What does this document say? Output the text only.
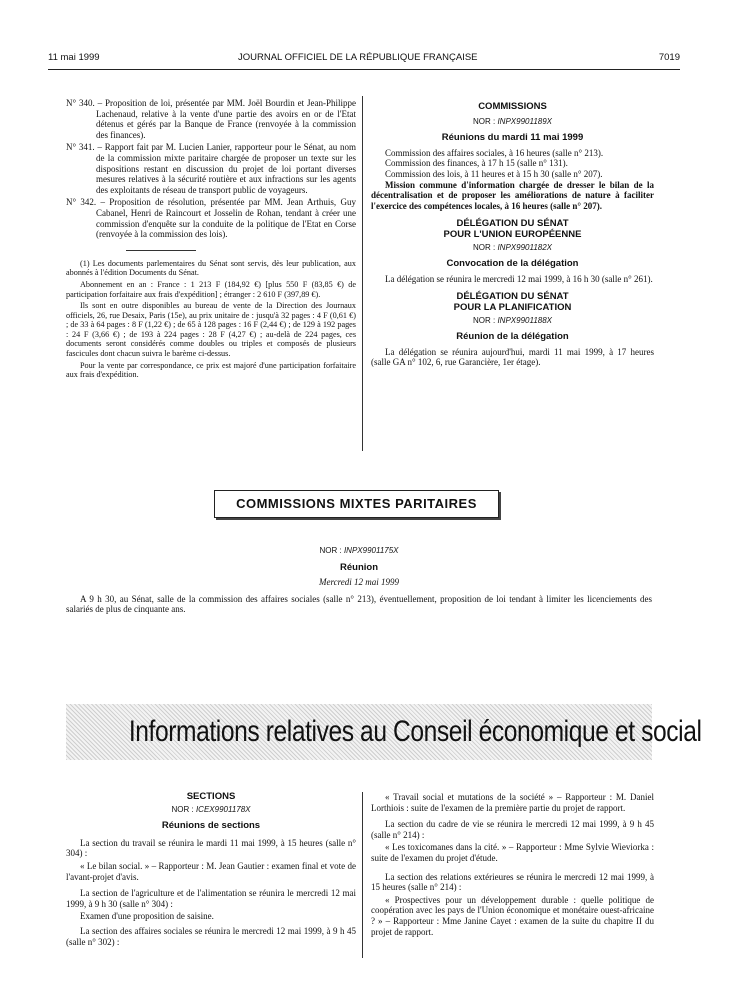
11 mai 1999	JOURNAL OFFICIEL DE LA RÉPUBLIQUE FRANÇAISE	7019

N° 340. – Proposition de loi, présentée par MM. Joël Bourdin et Jean-Philippe Lachenaud, relative à la vente d'une partie des avoirs en or de l'Etat détenus et gérés par la Banque de France (renvoyée à la commission des finances).

N° 341. – Rapport fait par M. Lucien Lanier, rapporteur pour le Sénat, au nom de la commission mixte paritaire chargée de proposer un texte sur les dispositions restant en discussion du projet de loi portant diverses mesures relatives à la sécurité routière et aux infractions sur les agents des exploitants de réseau de transport public de voyageurs.

N° 342. – Proposition de résolution, présentée par MM. Jean Arthuis, Guy Cabanel, Henri de Raincourt et Josselin de Rohan, tendant à créer une commission d'enquête sur la conduite de la politique de l'Etat en Corse (renvoyée à la commission des lois).

(1) Les documents parlementaires du Sénat sont servis, dès leur publication, aux abonnés à l'édition Documents du Sénat.

Abonnement en an : France : 1 213 F (184,92 €) [plus 550 F (83,85 €) de participation forfaitaire aux frais d'expédition] ; étranger : 2 610 F (397,89 €).

Ils sont en outre disponibles au bureau de vente de la Direction des Journaux officiels, 26, rue Desaix, Paris (15e), au prix unitaire de : jusqu'à 32 pages : 4 F (0,61 €) ; de 33 à 64 pages : 8 F (1,22 €) ; de 65 à 128 pages : 16 F (2,44 €) ; de 129 à 192 pages : 24 F (3,66 €) ; de 193 à 224 pages : 28 F (4,27 €) ; au-delà de 224 pages, ces documents seront considérés comme doubles ou triples et composés de plusieurs fascicules dont chacun suivra le barème ci-dessus.

Pour la vente par correspondance, ce prix est majoré d'une participation forfaitaire aux frais d'expédition.

COMMISSIONS
NOR : INPX9901189X
Réunions du mardi 11 mai 1999

Commission des affaires sociales, à 16 heures (salle n° 213).

Commission des finances, à 17 h 15 (salle n° 131).

Commission des lois, à 11 heures et à 15 h 30 (salle n° 207).

Mission commune d'information chargée de dresser le bilan de la décentralisation et de proposer les améliorations de nature à faciliter l'exercice des compétences locales, à 16 heures (salle n° 207).

DÉLÉGATION DU SÉNAT
POUR L'UNION EUROPÉENNE
NOR : INPX9901182X
Convocation de la délégation

La délégation se réunira le mercredi 12 mai 1999, à 16 h 30 (salle n° 261).

DÉLÉGATION DU SÉNAT
POUR LA PLANIFICATION
NOR : INPX9901188X
Réunion de la délégation

La délégation se réunira aujourd'hui, mardi 11 mai 1999, à 17 heures (salle GA n° 102, 6, rue Garancière, 1er étage).

COMMISSIONS MIXTES PARITAIRES
NOR : INPX9901175X
Réunion
Mercredi 12 mai 1999

A 9 h 30, au Sénat, salle de la commission des affaires sociales (salle n° 213), éventuellement, proposition de loi tendant à limiter les licenciements des salariés de plus de cinquante ans.

Informations relatives au Conseil économique et social
SECTIONS
NOR : ICEX9901178X
Réunions de sections

La section du travail se réunira le mardi 11 mai 1999, à 15 heures (salle n° 304) :

« Le bilan social. » – Rapporteur : M. Jean Gautier : examen final et vote de l'avant-projet d'avis.

La section de l'agriculture et de l'alimentation se réunira le mercredi 12 mai 1999, à 9 h 30 (salle n° 304) :

Examen d'une proposition de saisine.

La section des affaires sociales se réunira le mercredi 12 mai 1999, à 9 h 45 (salle n° 302) :

« Travail social et mutations de la société » – Rapporteur : M. Daniel Lorthiois : suite de l'examen de la première partie du projet de rapport.

La section du cadre de vie se réunira le mercredi 12 mai 1999, à 9 h 45 (salle n° 214) :

« Les toxicomanes dans la cité. » – Rapporteur : Mme Sylvie Wieviorka : suite de l'examen du projet d'étude.

La section des relations extérieures se réunira le mercredi 12 mai 1999, à 15 heures (salle n° 214) :

« Prospectives pour un développement durable : quelle politique de coopération avec les pays de l'Union économique et monétaire ouest-africaine ? » – Rapporteur : Mme Janine Cayet : examen de la suite du chapitre II du projet de rapport.
